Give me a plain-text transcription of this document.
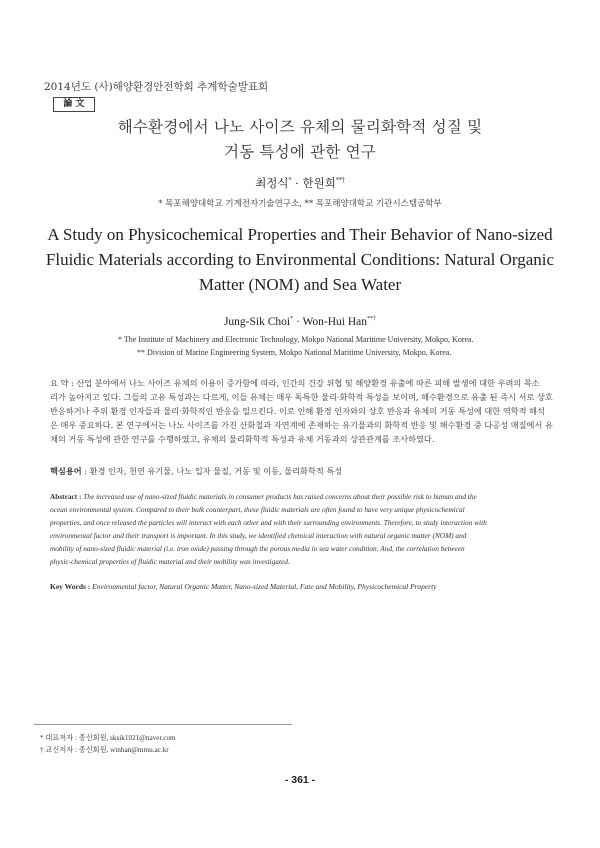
2014년도 (사)해양환경안전학회 추계학술발표회
論 文
해수환경에서 나노 사이즈 유체의 물리화학적 성질 및
거동 특성에 관한 연구
최정식* · 한원희**†
* 목포해양대학교 기계전자기술연구소, ** 목포해양대학교 기관시스템공학부
A Study on Physicochemical Properties and Their Behavior of Nano-sized
Fluidic Materials according to Environmental Conditions: Natural Organic
Matter (NOM) and Sea Water
Jung-Sik Choi* · Won-Hui Han**†
* The Institute of Machinery and Electronic Technology, Mokpo National Maritime University, Mokpo, Korea.
** Division of Marine Engineering System, Mokpo National Maritime University, Mokpo, Korea.
요 약 : 산업 분야에서 나노 사이즈 유체의 이용이 증가함에 따라, 인간의 건강 위협 및 해양환경 유출에 따른 피해 발생에 대한 우려의 목소
리가 높아지고 있다. 그들의 고유 특성과는 다르게, 이들 유체는 매우 독특한 물리·화학적 특성을 보이며, 해수환경으로 유출 된 즉시 서로 상호
반응하거나 주위 환경 인자들과 물리·화학적인 반응을 일으킨다. 이로 인해 환경 인자와의 상호 반응과 유체의 거동 특성에 대한 역학적 해석
은 매우 중요하다. 본 연구에서는 나노 사이즈를 가진 산화철과 자연계에 존재하는 유기물과의 화학적 반응 및 해수환경 중 다공성 매질에서 유
체의 거동 특성에 관한 연구를 수행하였고, 유체의 물리화학적 특성과 유체 거동과의 상관관계를 조사하였다.
핵심용어 : 환경 인자, 천연 유기물, 나노 입자 물질, 거동 및 이동, 물리화학적 특성
Abstract : The increased use of nano-sized fluidic materials in consumer products has raised concerns about their possible risk to human and the
ocean environmental system. Compared to their bulk counterpart, these fluidic materials are often found to have very unique physicochemical
properties, and once released the particles will interact with each other and with their surrounding environments. Therefore, to study interaction with
environmental factor and their transport is important. In this study, we identified chemical interaction with natural organic matter (NOM) and
mobility of nano-sized fluidic material (i.e. iron oxide) passing through the porous media in sea water condition. And, the correlation between
physic-chemical properties of fluidic material and their mobility was investigated.
Key Words : Environmental factor, Natural Organic Matter, Nano-sized Material, Fate and Mobility, Physicochemical Property
* 대표저자 : 종신회원, sksik1021@naver.com
† 교신저자 : 종신회원, winhan@mmu.ac.kr
- 361 -
